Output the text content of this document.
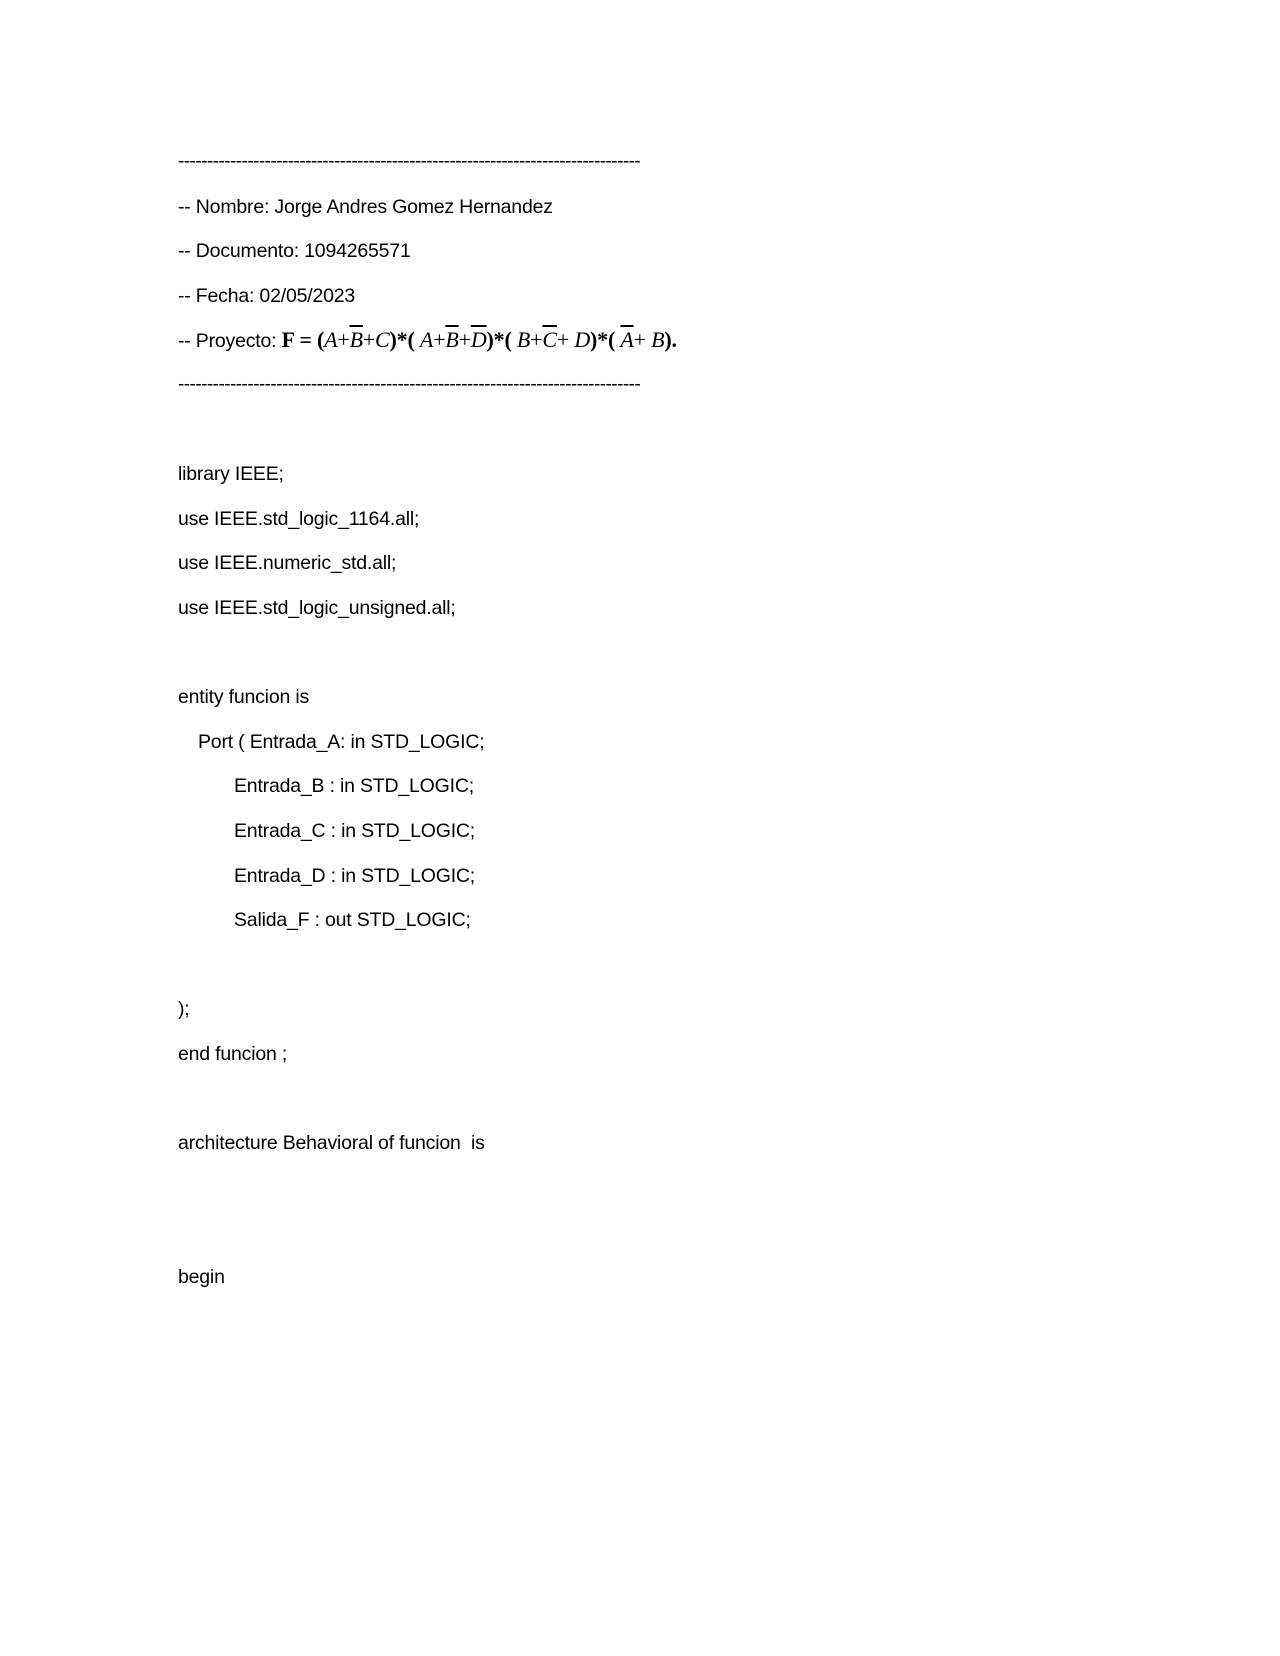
--------------------------------------------------------------------------------
-- Nombre: Jorge Andres Gomez Hernandez
-- Documento: 1094265571
-- Fecha: 02/05/2023
-- Proyecto: $F = (A+\overline{B}+C)*$( $A+\overline{B}+\overline{D})*$( $B+\overline{C}+ D)*$( $\overline{A}+ B$).
--------------------------------------------------------------------------------
library IEEE;
use IEEE.std_logic_1164.all;
use IEEE.numeric_std.all;
use IEEE.std_logic_unsigned.all;
entity funcion is
Port ( Entrada_A: in STD_LOGIC;
Entrada_B : in STD_LOGIC;
Entrada_C : in STD_LOGIC;
Entrada_D : in STD_LOGIC;
Salida_F : out STD_LOGIC;
);
end funcion ;
architecture Behavioral of funcion  is
begin
